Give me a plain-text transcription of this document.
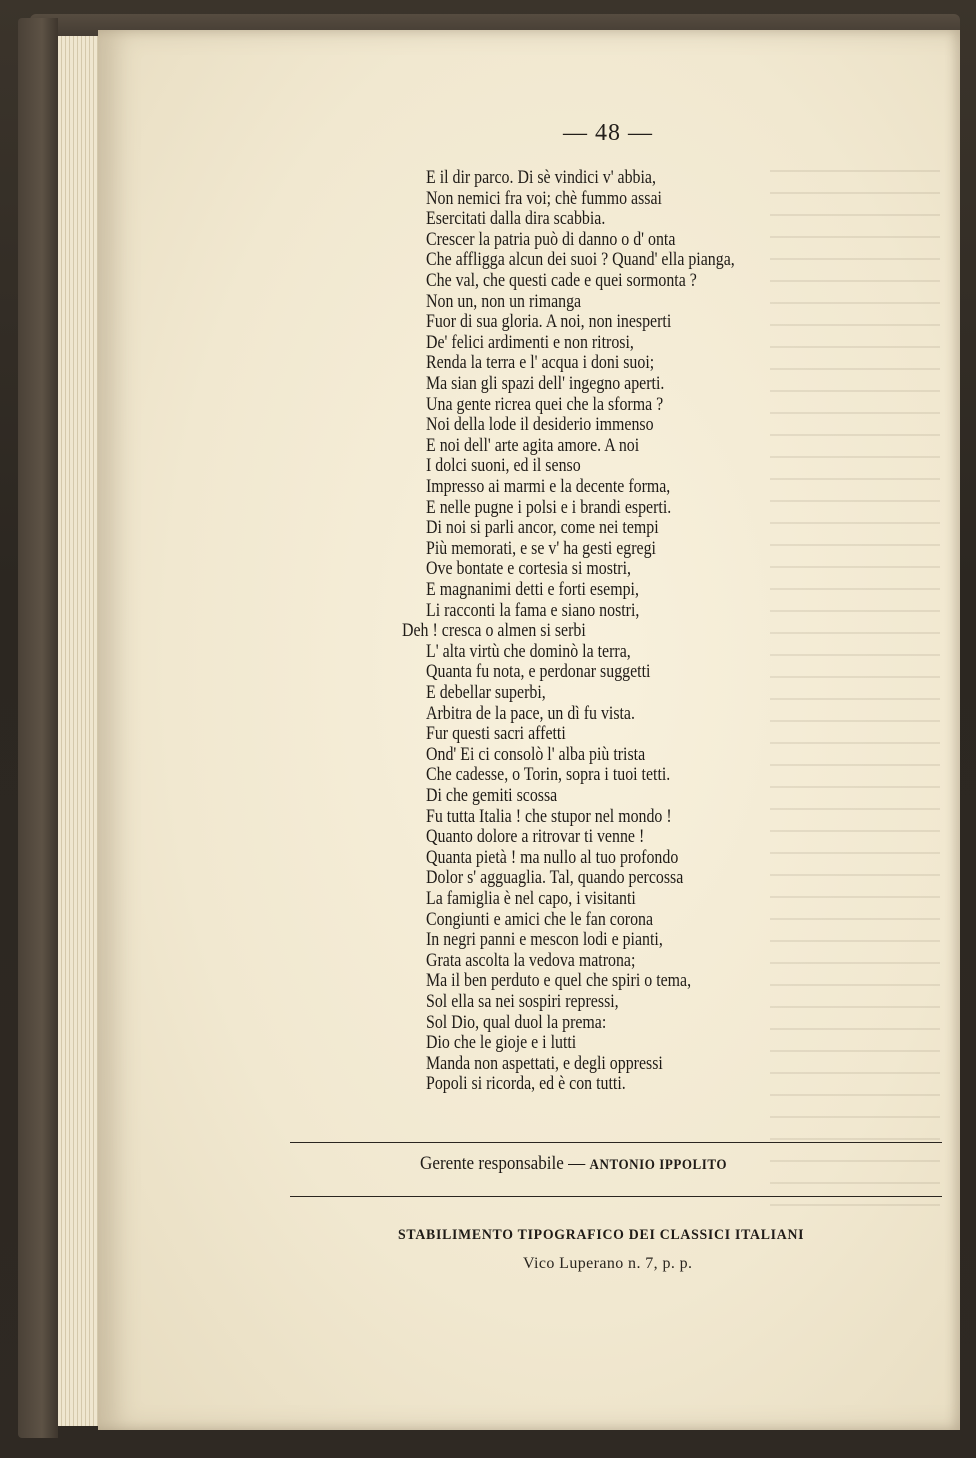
— 48 —
E il dir parco. Di sè vindici v' abbia,
Non nemici fra voi; chè fummo assai
Esercitati dalla dira scabbia.
Crescer la patria può di danno o d' onta
Che affligga alcun dei suoi ? Quand' ella pianga,
Che val, che questi cade e quei sormonta ?
Non un, non un rimanga
Fuor di sua gloria. A noi, non inesperti
De' felici ardimenti e non ritrosi,
Renda la terra e l' acqua i doni suoi;
Ma sian gli spazi dell' ingegno aperti.
Una gente ricrea quei che la sforma ?
Noi della lode il desiderio immenso
E noi dell' arte agita amore. A noi
I dolci suoni, ed il senso
Impresso ai marmi e la decente forma,
E nelle pugne i polsi e i brandi esperti.
Di noi si parli ancor, come nei tempi
Più memorati, e se v' ha gesti egregi
Ove bontate e cortesia si mostri,
E magnanimi detti e forti esempi,
Li racconti la fama e siano nostri,
Deh ! cresca o almen si serbi
L' alta virtù che dominò la terra,
Quanta fu nota, e perdonar suggetti
E debellar superbi,
Arbitra de la pace, un dì fu vista.
Fur questi sacri affetti
Ond' Ei ci consolò l' alba più trista
Che cadesse, o Torin, sopra i tuoi tetti.
Di che gemiti scossa
Fu tutta Italia ! che stupor nel mondo !
Quanto dolore a ritrovar ti venne !
Quanta pietà ! ma nullo al tuo profondo
Dolor s' agguaglia. Tal, quando percossa
La famiglia è nel capo, i visitanti
Congiunti e amici che le fan corona
In negri panni e mescon lodi e pianti,
Grata ascolta la vedova matrona;
Ma il ben perduto e quel che spiri o tema,
Sol ella sa nei sospiri repressi,
Sol Dio, qual duol la prema:
Dio che le gioje e i lutti
Manda non aspettati, e degli oppressi
Popoli si ricorda, ed è con tutti.
Gerente responsabile — ANTONIO IPPOLITO
STABILIMENTO TIPOGRAFICO DEI CLASSICI ITALIANI
Vico Luperano n. 7, p. p.
